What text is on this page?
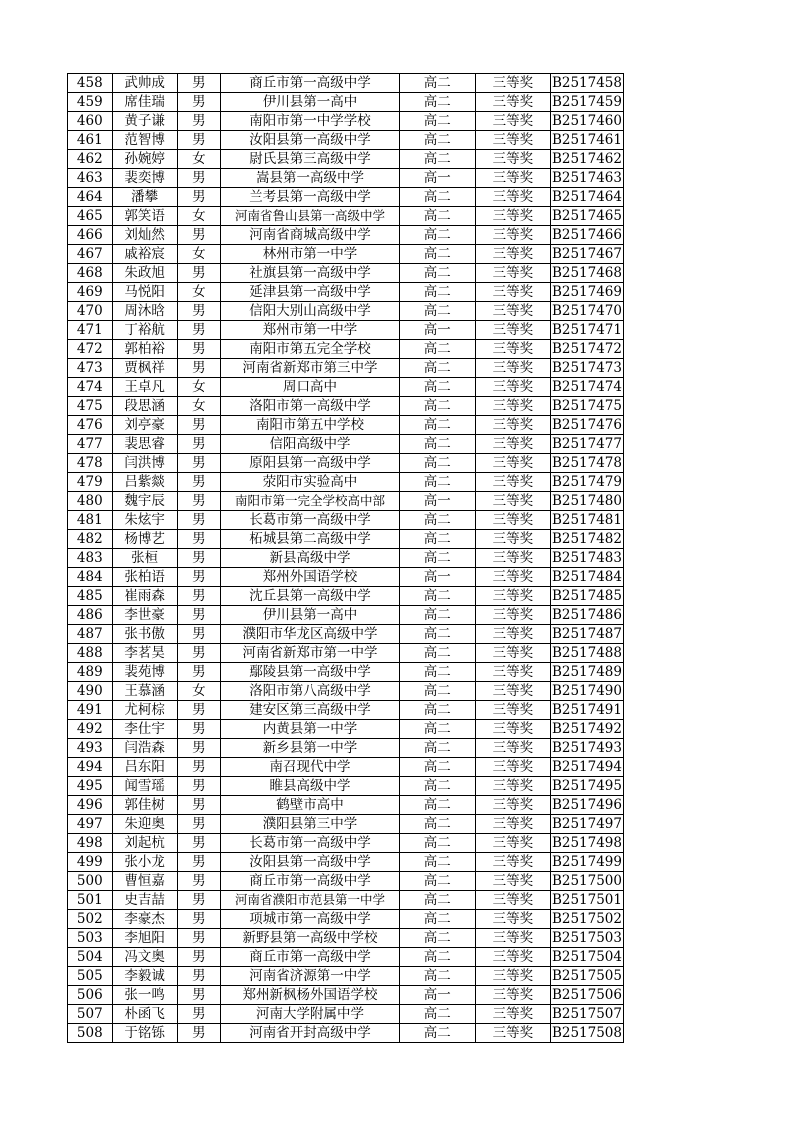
458	武帅成	男	商丘市第一高级中学	高二	三等奖	B2517458
459	席佳瑞	男	伊川县第一高中	高二	三等奖	B2517459
460	黄子谦	男	南阳市第一中学学校	高二	三等奖	B2517460
461	范智博	男	汝阳县第一高级中学	高二	三等奖	B2517461
462	孙婉婷	女	尉氏县第三高级中学	高二	三等奖	B2517462
463	裴奕博	男	嵩县第一高级中学	高一	三等奖	B2517463
464	潘攀	男	兰考县第一高级中学	高二	三等奖	B2517464
465	郭笑语	女	河南省鲁山县第一高级中学	高二	三等奖	B2517465
466	刘灿然	男	河南省商城高级中学	高二	三等奖	B2517466
467	戚裕宸	女	林州市第一中学	高二	三等奖	B2517467
468	朱政旭	男	社旗县第一高级中学	高二	三等奖	B2517468
469	马悦阳	女	延津县第一高级中学	高二	三等奖	B2517469
470	周沐晗	男	信阳大别山高级中学	高二	三等奖	B2517470
471	丁裕航	男	郑州市第一中学	高一	三等奖	B2517471
472	郭柏裕	男	南阳市第五完全学校	高二	三等奖	B2517472
473	贾枫祥	男	河南省新郑市第三中学	高二	三等奖	B2517473
474	王卓凡	女	周口高中	高二	三等奖	B2517474
475	段思涵	女	洛阳市第一高级中学	高二	三等奖	B2517475
476	刘亭豪	男	南阳市第五中学校	高二	三等奖	B2517476
477	裴思睿	男	信阳高级中学	高二	三等奖	B2517477
478	闫洪博	男	原阳县第一高级中学	高二	三等奖	B2517478
479	吕紫燚	男	荥阳市实验高中	高二	三等奖	B2517479
480	魏宇辰	男	南阳市第一完全学校高中部	高一	三等奖	B2517480
481	朱炫宇	男	长葛市第一高级中学	高二	三等奖	B2517481
482	杨博艺	男	柘城县第二高级中学	高二	三等奖	B2517482
483	张桓	男	新县高级中学	高二	三等奖	B2517483
484	张柏语	男	郑州外国语学校	高一	三等奖	B2517484
485	崔雨森	男	沈丘县第一高级中学	高二	三等奖	B2517485
486	李世豪	男	伊川县第一高中	高二	三等奖	B2517486
487	张书傲	男	濮阳市华龙区高级中学	高二	三等奖	B2517487
488	李茗昊	男	河南省新郑市第一中学	高二	三等奖	B2517488
489	裴苑博	男	鄢陵县第一高级中学	高二	三等奖	B2517489
490	王慕涵	女	洛阳市第八高级中学	高二	三等奖	B2517490
491	尤柯棕	男	建安区第三高级中学	高二	三等奖	B2517491
492	李仕宇	男	内黄县第一中学	高二	三等奖	B2517492
493	闫浩森	男	新乡县第一中学	高二	三等奖	B2517493
494	吕东阳	男	南召现代中学	高二	三等奖	B2517494
495	闻雪瑶	男	睢县高级中学	高二	三等奖	B2517495
496	郭佳树	男	鹤壁市高中	高二	三等奖	B2517496
497	朱迎奥	男	濮阳县第三中学	高二	三等奖	B2517497
498	刘起杭	男	长葛市第一高级中学	高二	三等奖	B2517498
499	张小龙	男	汝阳县第一高级中学	高二	三等奖	B2517499
500	曹恒嘉	男	商丘市第一高级中学	高二	三等奖	B2517500
501	史吉喆	男	河南省濮阳市范县第一中学	高二	三等奖	B2517501
502	李豪杰	男	项城市第一高级中学	高二	三等奖	B2517502
503	李旭阳	男	新野县第一高级中学校	高二	三等奖	B2517503
504	冯文奥	男	商丘市第一高级中学	高二	三等奖	B2517504
505	李毅诚	男	河南省济源第一中学	高二	三等奖	B2517505
506	张一鸣	男	郑州新枫杨外国语学校	高一	三等奖	B2517506
507	朴函飞	男	河南大学附属中学	高二	三等奖	B2517507
508	于铭铄	男	河南省开封高级中学	高二	三等奖	B2517508
